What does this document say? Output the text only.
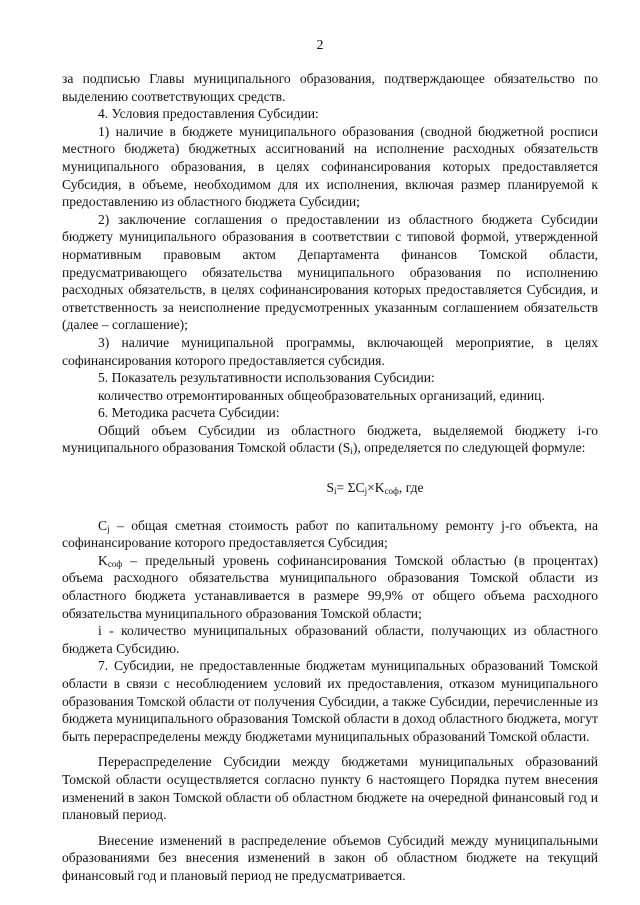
2

за подписью Главы муниципального образования, подтверждающее обязательство по выделению соответствующих средств.

4. Условия предоставления Субсидии:

1) наличие в бюджете муниципального образования (сводной бюджетной росписи местного бюджета) бюджетных ассигнований на исполнение расходных обязательств муниципального образования, в целях софинансирования которых предоставляется Субсидия, в объеме, необходимом для их исполнения, включая размер планируемой к предоставлению из областного бюджета Субсидии;

2) заключение соглашения о предоставлении из областного бюджета Субсидии бюджету муниципального образования в соответствии с типовой формой, утвержденной нормативным правовым актом Департамента финансов Томской области, предусматривающего обязательства муниципального образования по исполнению расходных обязательств, в целях софинансирования которых предоставляется Субсидия, и ответственность за неисполнение предусмотренных указанным соглашением обязательств (далее – соглашение);

3) наличие муниципальной программы, включающей мероприятие, в целях софинансирования которого предоставляется субсидия.

5. Показатель результативности использования Субсидии:

количество отремонтированных общеобразовательных организаций, единиц.

6. Методика расчета Субсидии:

Общий объем Субсидии из областного бюджета, выделяемой бюджету i-го муниципального образования Томской области $(S_i)$, определяется по следующей формуле:

$S_i= \Sigma C_j\times K_{соф}$, где

$C_j$ – общая сметная стоимость работ по капитальному ремонту j-го объекта, на софинансирование которого предоставляется Субсидия;

$K_{соф}$ – предельный уровень софинансирования Томской областью (в процентах) объема расходного обязательства муниципального образования Томской области из областного бюджета устанавливается в размере 99,9% от общего объема расходного обязательства муниципального образования Томской области;

i - количество муниципальных образований области, получающих из областного бюджета Субсидию.

7. Субсидии, не предоставленные бюджетам муниципальных образований Томской области в связи с несоблюдением условий их предоставления, отказом муниципального образования Томской области от получения Субсидии, а также Субсидии, перечисленные из бюджета муниципального образования Томской области в доход областного бюджета, могут быть перераспределены между бюджетами муниципальных образований Томской области.

Перераспределение Субсидии между бюджетами муниципальных образований Томской области осуществляется согласно пункту 6 настоящего Порядка путем внесения изменений в закон Томской области об областном бюджете на очередной финансовый год и плановый период.

Внесение изменений в распределение объемов Субсидий между муниципальными образованиями без внесения изменений в закон об областном бюджете на текущий финансовый год и плановый период не предусматривается.
